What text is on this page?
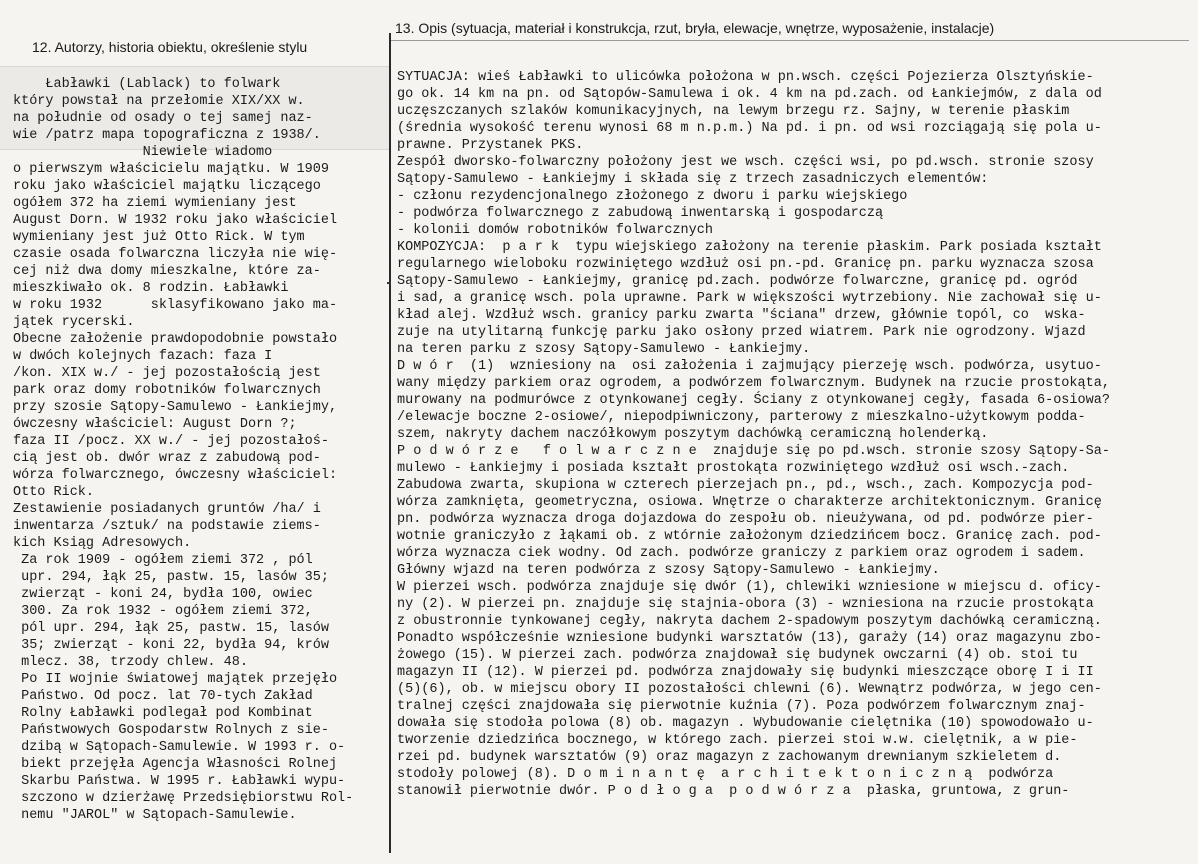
12. Autorzy, historia obiektu, określenie stylu
13. Opis (sytuacja, materiał i konstrukcja, rzut, bryła, elewacje, wnętrze, wyposażenie, instalacje)
Łabławki (Lablack) to folwark
który powstał na przełomie XIX/XX w.
na południe od osady o tej samej naz-
wie /patrz mapa topograficzna z 1938/.
Niewiele wiadomo
o pierwszym właścicielu majątku. W 1909
roku jako właściciel majątku liczącego
ogółem 372 ha ziemi wymieniany jest
August Dorn. W 1932 roku jako właściciel
wymieniany jest już Otto Rick. W tym
czasie osada folwarczna liczyła nie wię-
cej niż dwa domy mieszkalne, które za-
mieszkiwało ok. 8 rodzin. Łabławki
w roku 1932      sklasyfikowano jako ma-
jątek rycerski.
Obecne założenie prawdopodobnie powstało
w dwóch kolejnych fazach: faza I
/kon. XIX w./ - jej pozostałością jest
park oraz domy robotników folwarcznych
przy szosie Sątopy-Samulewo - Łankiejmy,
ówczesny właściciel: August Dorn ?;
faza II /pocz. XX w./ - jej pozostałoś-
cią jest ob. dwór wraz z zabudową pod-
wórza folwarcznego, ówczesny właściciel:
Otto Rick.
Zestawienie posiadanych gruntów /ha/ i
inwentarza /sztuk/ na podstawie ziems-
kich Ksiąg Adresowych.
Za rok 1909 - ogółem ziemi 372 , pól
upr. 294, łąk 25, pastw. 15, lasów 35;
zwierząt - koni 24, bydła 100, owiec
300. Za rok 1932 - ogółem ziemi 372,
pól upr. 294, łąk 25, pastw. 15, lasów
35; zwierząt - koni 22, bydła 94, krów
mlecz. 38, trzody chlew. 48.
Po II wojnie światowej majątek przejęło
Państwo. Od pocz. lat 70-tych Zakład
Rolny Łabławki podlegał pod Kombinat
Państwowych Gospodarstw Rolnych z sie-
dzibą w Sątopach-Samulewie. W 1993 r. o-
biekt przejęła Agencja Własności Rolnej
Skarbu Państwa. W 1995 r. Łabławki wypu-
szczono w dzierżawę Przedsiębiorstwu Rol-
nemu "JAROL" w Sątopach-Samulewie.
SYTUACJA: wieś Łabławki to ulicówka położona w pn.wsch. części Pojezierza Olsztyńskie-
go ok. 14 km na pn. od Sątopów-Samulewa i ok. 4 km na pd.zach. od Łankiejmów, z dala od
uczęszczanych szlaków komunikacyjnych, na lewym brzegu rz. Sajny, w terenie płaskim
(średnia wysokość terenu wynosi 68 m n.p.m.) Na pd. i pn. od wsi rozciągają się pola u-
prawne. Przystanek PKS.
Zespół dworsko-folwarczny położony jest we wsch. części wsi, po pd.wsch. stronie szosy
Sątopy-Samulewo - Łankiejmy i składa się z trzech zasadniczych elementów:
- członu rezydencjonalnego złożonego z dworu i parku wiejskiego
- podwórza folwarcznego z zabudową inwentarską i gospodarczą
- kolonii domów robotników folwarcznych
KOMPOZYCJA:  p a r k  typu wiejskiego założony na terenie płaskim. Park posiada kształt
regularnego wieloboku rozwiniętego wzdłuż osi pn.-pd. Granicę pn. parku wyznacza szosa
Sątopy-Samulewo - Łankiejmy, granicę pd.zach. podwórze folwarczne, granicę pd. ogród
i sad, a granicę wsch. pola uprawne. Park w większości wytrzebiony. Nie zachował się u-
kład alej. Wzdłuż wsch. granicy parku zwarta "ściana" drzew, głównie topól, co  wska-
zuje na utylitarną funkcję parku jako osłony przed wiatrem. Park nie ogrodzony. Wjazd
na teren parku z szosy Sątopy-Samulewo - Łankiejmy.
D w ó r  (1)  wzniesiony na  osi założenia i zajmujący pierzeję wsch. podwórza, usytuo-
wany między parkiem oraz ogrodem, a podwórzem folwarcznym. Budynek na rzucie prostokąta,
murowany na podmurówce z otynkowanej cegły. Ściany z otynkowanej cegły, fasada 6-osiowa?
/elewacje boczne 2-osiowe/, niepodpiwniczony, parterowy z mieszkalno-użytkowym podda-
szem, nakryty dachem naczółkowym poszytym dachówką ceramiczną holenderką.
P o d w ó r z e   f o l w a r c z n e  znajduje się po pd.wsch. stronie szosy Sątopy-Sa-
mulewo - Łankiejmy i posiada kształt prostokąta rozwiniętego wzdłuż osi wsch.-zach.
Zabudowa zwarta, skupiona w czterech pierzejach pn., pd., wsch., zach. Kompozycja pod-
wórza zamknięta, geometryczna, osiowa. Wnętrze o charakterze architektonicznym. Granicę
pn. podwórza wyznacza droga dojazdowa do zespołu ob. nieużywana, od pd. podwórze pier-
wotnie graniczyło z łąkami ob. z wtórnie założonym dziedzińcem bocz. Granicę zach. pod-
wórza wyznacza ciek wodny. Od zach. podwórze graniczy z parkiem oraz ogrodem i sadem.
Główny wjazd na teren podwórza z szosy Sątopy-Samulewo - Łankiejmy.
W pierzei wsch. podwórza znajduje się dwór (1), chlewiki wzniesione w miejscu d. oficy-
ny (2). W pierzei pn. znajduje się stajnia-obora (3) - wzniesiona na rzucie prostokąta
z obustronnie tynkowanej cegły, nakryta dachem 2-spadowym poszytym dachówką ceramiczną.
Ponadto współcześnie wzniesione budynki warsztatów (13), garaży (14) oraz magazynu zbo-
żowego (15). W pierzei zach. podwórza znajdował się budynek owczarni (4) ob. stoi tu
magazyn II (12). W pierzei pd. podwórza znajdowały się budynki mieszczące oborę I i II
(5)(6), ob. w miejscu obory II pozostałości chlewni (6). Wewnątrz podwórza, w jego cen-
tralnej części znajdowała się pierwotnie kuźnia (7). Poza podwórzem folwarcznym znaj-
dowała się stodoła polowa (8) ob. magazyn . Wybudowanie cielętnika (10) spowodowało u-
tworzenie dziedzińca bocznego, w którego zach. pierzei stoi w.w. cielętnik, a w pie-
rzei pd. budynek warsztatów (9) oraz magazyn z zachowanym drewnianym szkieletem d.
stodoły polowej (8). D o m i n a n t ę  a r c h i t e k t o n i c z n ą  podwórza
stanowił pierwotnie dwór. P o d ł o g a  p o d w ó r z a  płaska, gruntowa, z grun-
